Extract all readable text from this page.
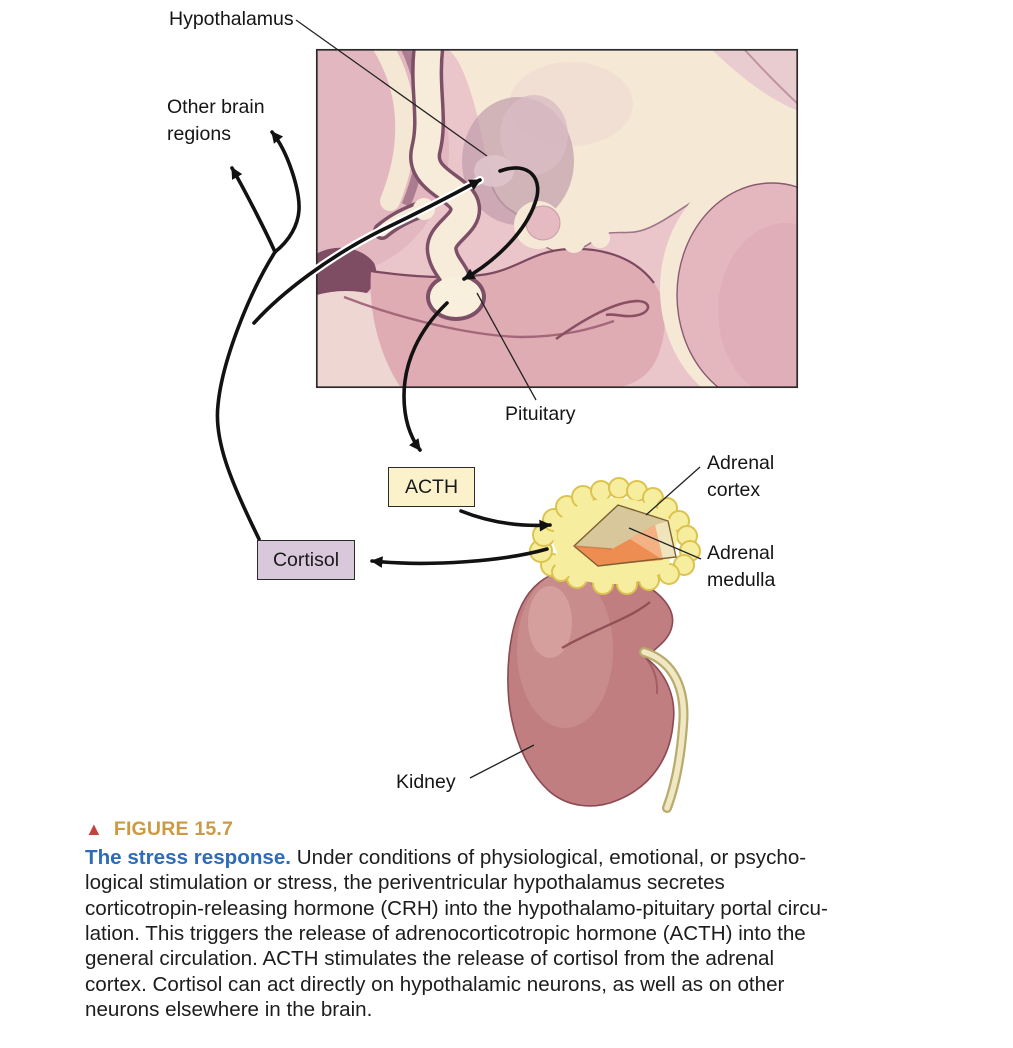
Hypothalamus
Other brain
regions
Pituitary
Adrenal
cortex
Adrenal
medulla
Kidney
ACTH
Cortisol
▲ FIGURE 15.7
The stress response. Under conditions of physiological, emotional, or psycho-
logical stimulation or stress, the periventricular hypothalamus secretes
corticotropin-releasing hormone (CRH) into the hypothalamo-pituitary portal circu-
lation. This triggers the release of adrenocorticotropic hormone (ACTH) into the
general circulation. ACTH stimulates the release of cortisol from the adrenal
cortex. Cortisol can act directly on hypothalamic neurons, as well as on other
neurons elsewhere in the brain.
